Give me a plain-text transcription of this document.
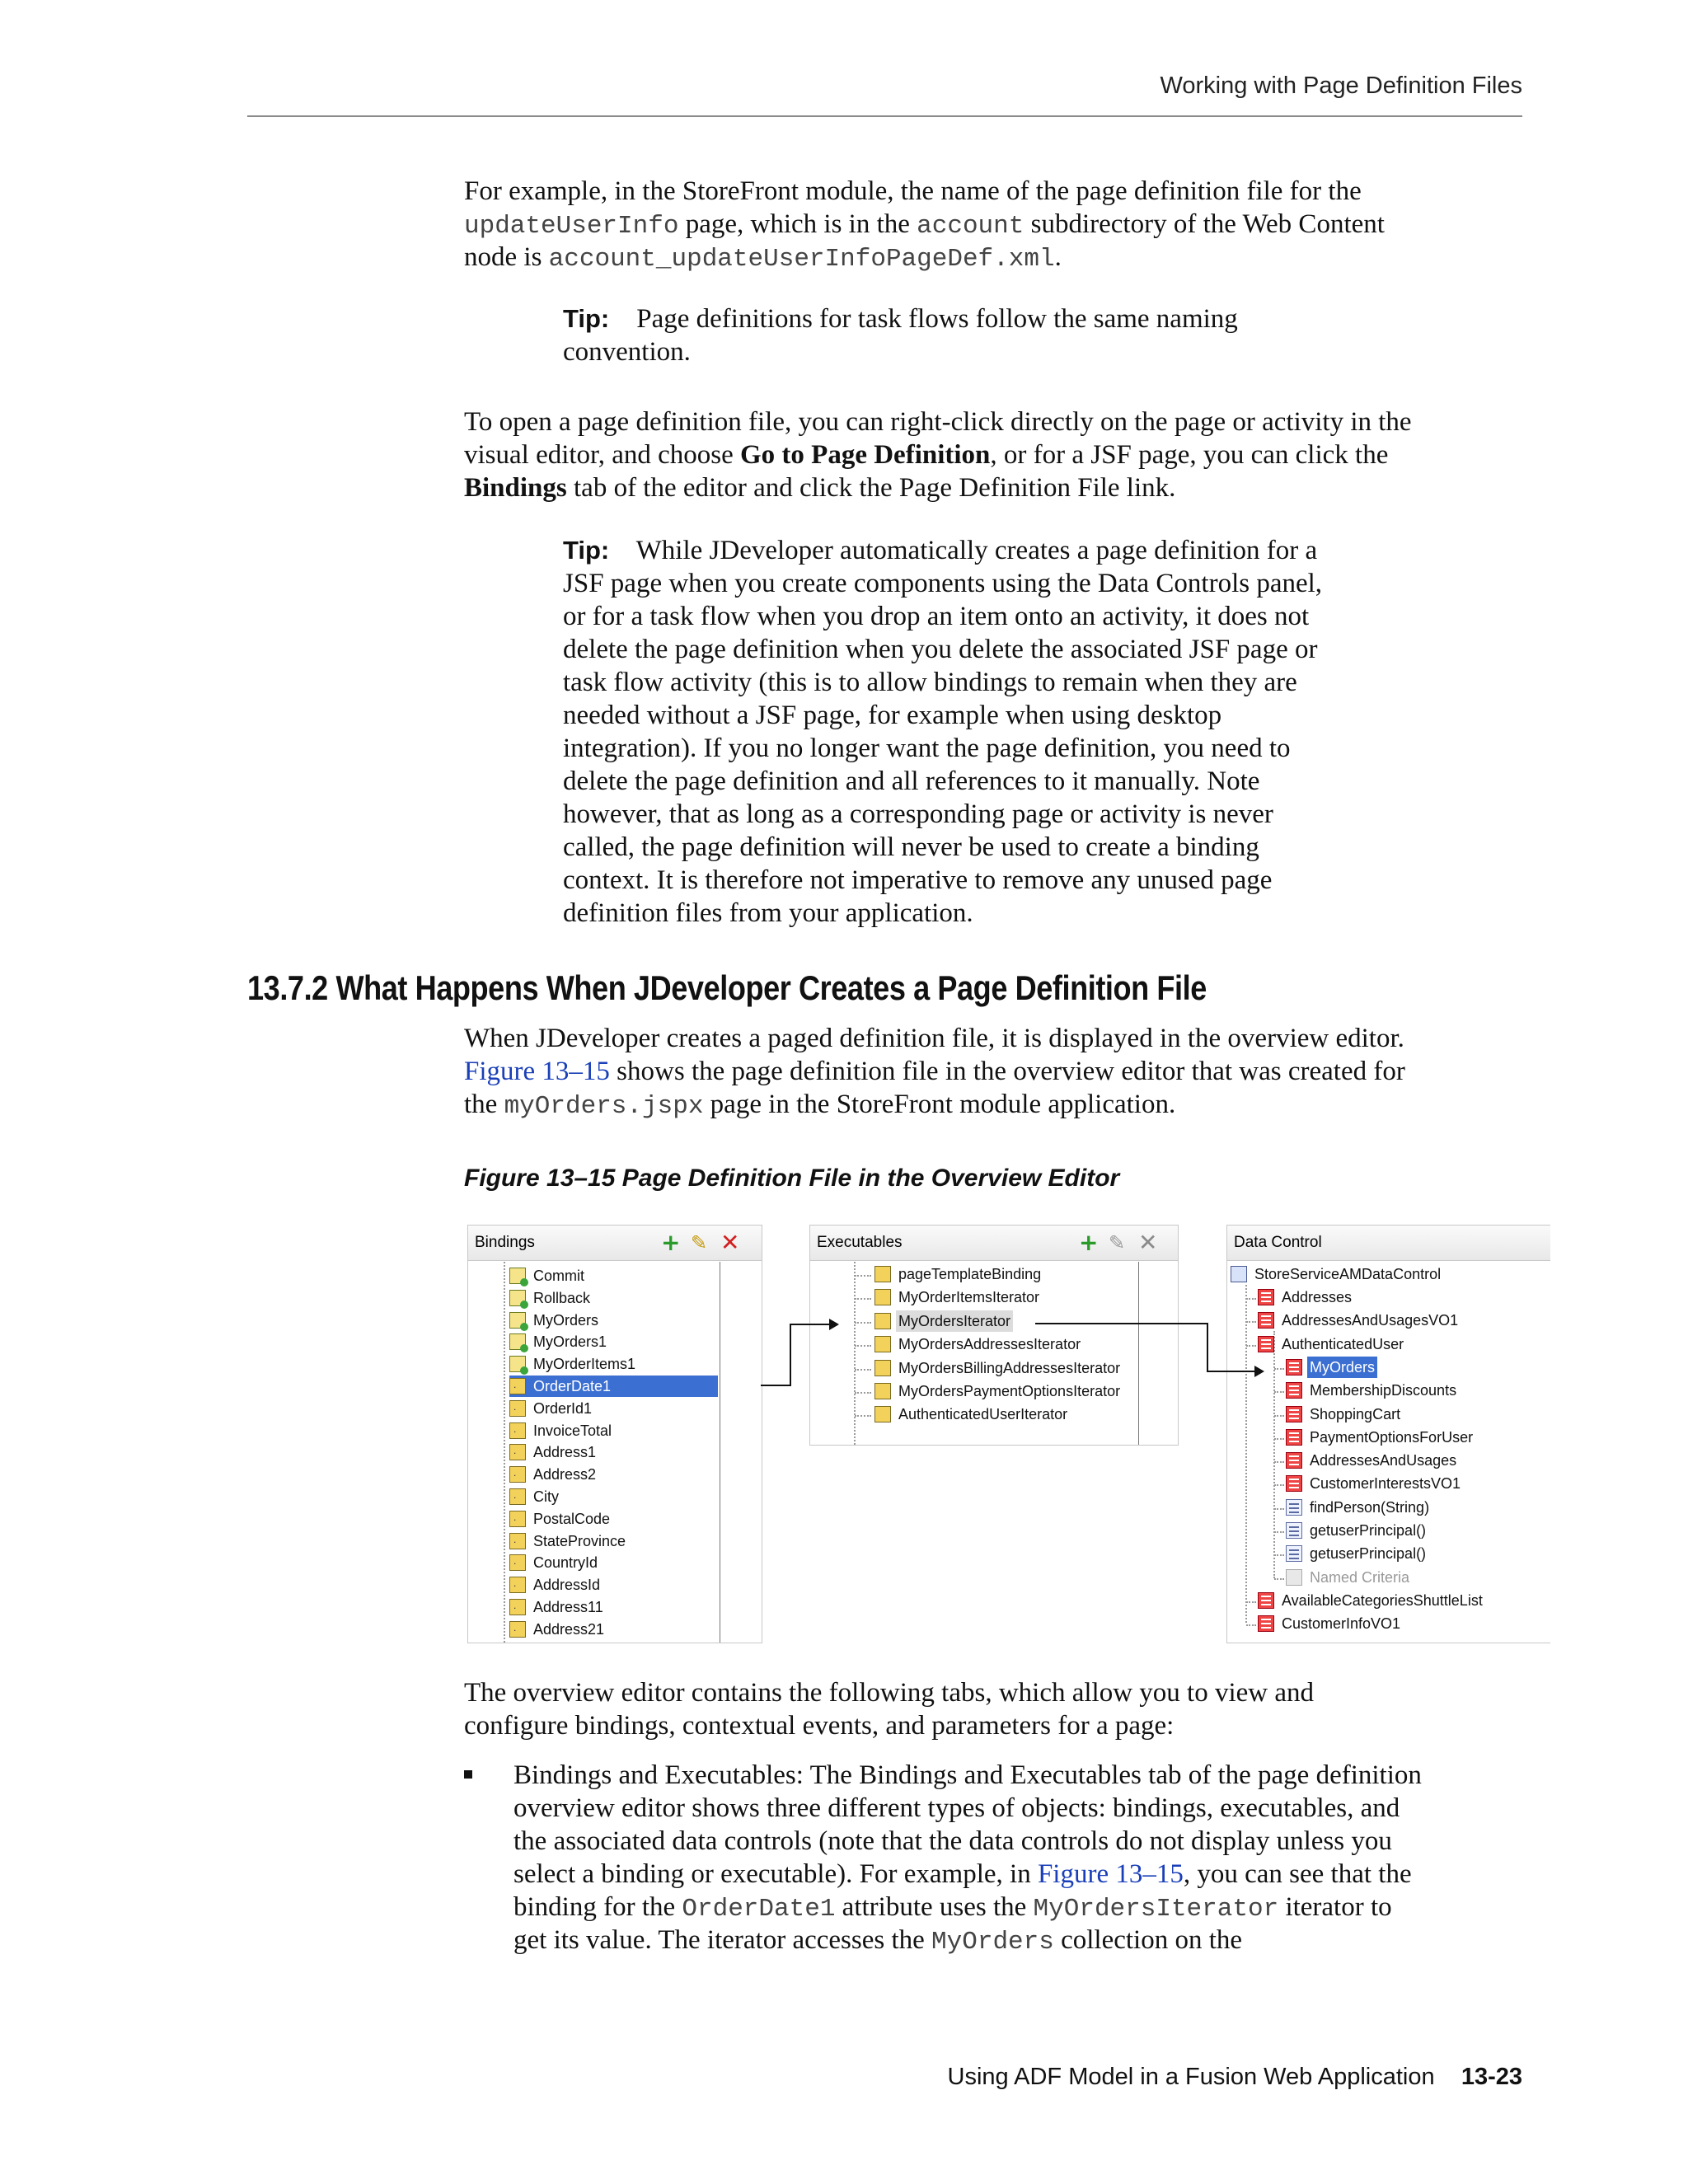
Working with Page Definition Files
For example, in the StoreFront module, the name of the page definition file for the
updateUserInfo page, which is in the account subdirectory of the Web Content
node is account_updateUserInfoPageDef.xml.
Tip: Page definitions for task flows follow the same naming
convention.
To open a page definition file, you can right-click directly on the page or activity in the
visual editor, and choose Go to Page Definition, or for a JSF page, you can click the
Bindings tab of the editor and click the Page Definition File link.
Tip: While JDeveloper automatically creates a page definition for a
JSF page when you create components using the Data Controls panel,
or for a task flow when you drop an item onto an activity, it does not
delete the page definition when you delete the associated JSF page or
task flow activity (this is to allow bindings to remain when they are
needed without a JSF page, for example when using desktop
integration). If you no longer want the page definition, you need to
delete the page definition and all references to it manually. Note
however, that as long as a corresponding page or activity is never
called, the page definition will never be used to create a binding
context. It is therefore not imperative to remove any unused page
definition files from your application.
13.7.2 What Happens When JDeveloper Creates a Page Definition File
When JDeveloper creates a paged definition file, it is displayed in the overview editor.
Figure 13–15 shows the page definition file in the overview editor that was created for
the myOrders.jspx page in the StoreFront module application.
Figure 13–15 Page Definition File in the Overview Editor
Bindings	+ ✎ ✕
Commit
Rollback
MyOrders
MyOrders1
MyOrderItems1
.
OrderDate1
.
OrderId1
.
InvoiceTotal
.
Address1
.
Address2
.
City
.
PostalCode
.
StateProvince
.
CountryId
.
AddressId
.
Address11
.
Address21
Executables	+ ✎ ✕
pageTemplateBinding
MyOrderItemsIterator
MyOrdersIterator
MyOrdersAddressesIterator
MyOrdersBillingAddressesIterator
MyOrdersPaymentOptionsIterator
AuthenticatedUserIterator
Data Control
StoreServiceAMDataControl
Addresses
AddressesAndUsagesVO1
AuthenticatedUser
MyOrders
MembershipDiscounts
ShoppingCart
PaymentOptionsForUser
AddressesAndUsages
CustomerInterestsVO1
findPerson(String)
getuserPrincipal()
getuserPrincipal()
Named Criteria
AvailableCategoriesShuttleList
CustomerInfoVO1
The overview editor contains the following tabs, which allow you to view and
configure bindings, contextual events, and parameters for a page:
Bindings and Executables: The Bindings and Executables tab of the page definition
overview editor shows three different types of objects: bindings, executables, and
the associated data controls (note that the data controls do not display unless you
select a binding or executable). For example, in Figure 13–15, you can see that the
binding for the OrderDate1 attribute uses the MyOrdersIterator iterator to
get its value. The iterator accesses the MyOrders collection on the
Using ADF Model in a Fusion Web Application 13-23
